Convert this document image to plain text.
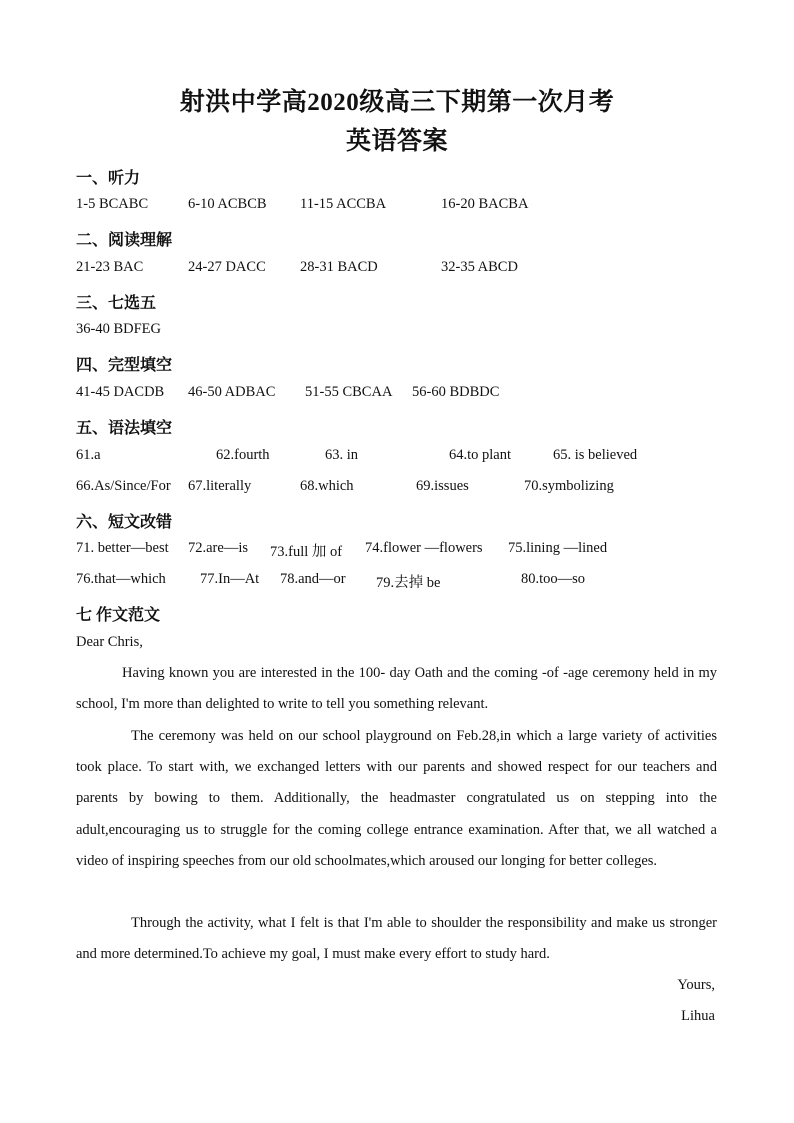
射洪中学高2020级高三下期第一次月考
英语答案
一、听力
1-5 BCABC	6-10 ACBCB 11-15 ACCBA	16-20 BACBA
二、阅读理解
21-23 BAC	24-27 DACC 28-31 BACD	32-35 ABCD
三、七选五
36-40 BDFEG
四、完型填空
41-45 DACDB 46-50 ADBAC 51-55 CBCAA 56-60 BDBDC
五、语法填空
61.a	62.fourth	63. in	64.to plant	65. is believed
66.As/Since/For 67.literally	68.which	69.issues	70.symbolizing
六、短文改错
71. better—best 72.are—is 73.full 加 of 74.flower —flowers 75.lining —lined
76.that—which 77.In—At 78.and—or 79.去掉 be	80.too—so
七 作文范文
Dear Chris,
Having known you are interested in the 100- day Oath and the coming -of -age ceremony held in my school, I'm more than delighted to write to tell you something relevant.
The ceremony was held on our school playground on Feb.28,in which a large variety of activities took place. To start with, we exchanged letters with our parents and showed respect for our teachers and parents by bowing to them. Additionally, the headmaster congratulated us on stepping into the adult,encouraging us to struggle for the coming college entrance examination. After that, we all watched a video of inspiring speeches from our old schoolmates,which aroused our longing for better colleges.
Through the activity, what I felt is that I'm able to shoulder the responsibility and make us stronger and more determined.To achieve my goal, I must make every effort to study hard.
Yours,
Lihua
